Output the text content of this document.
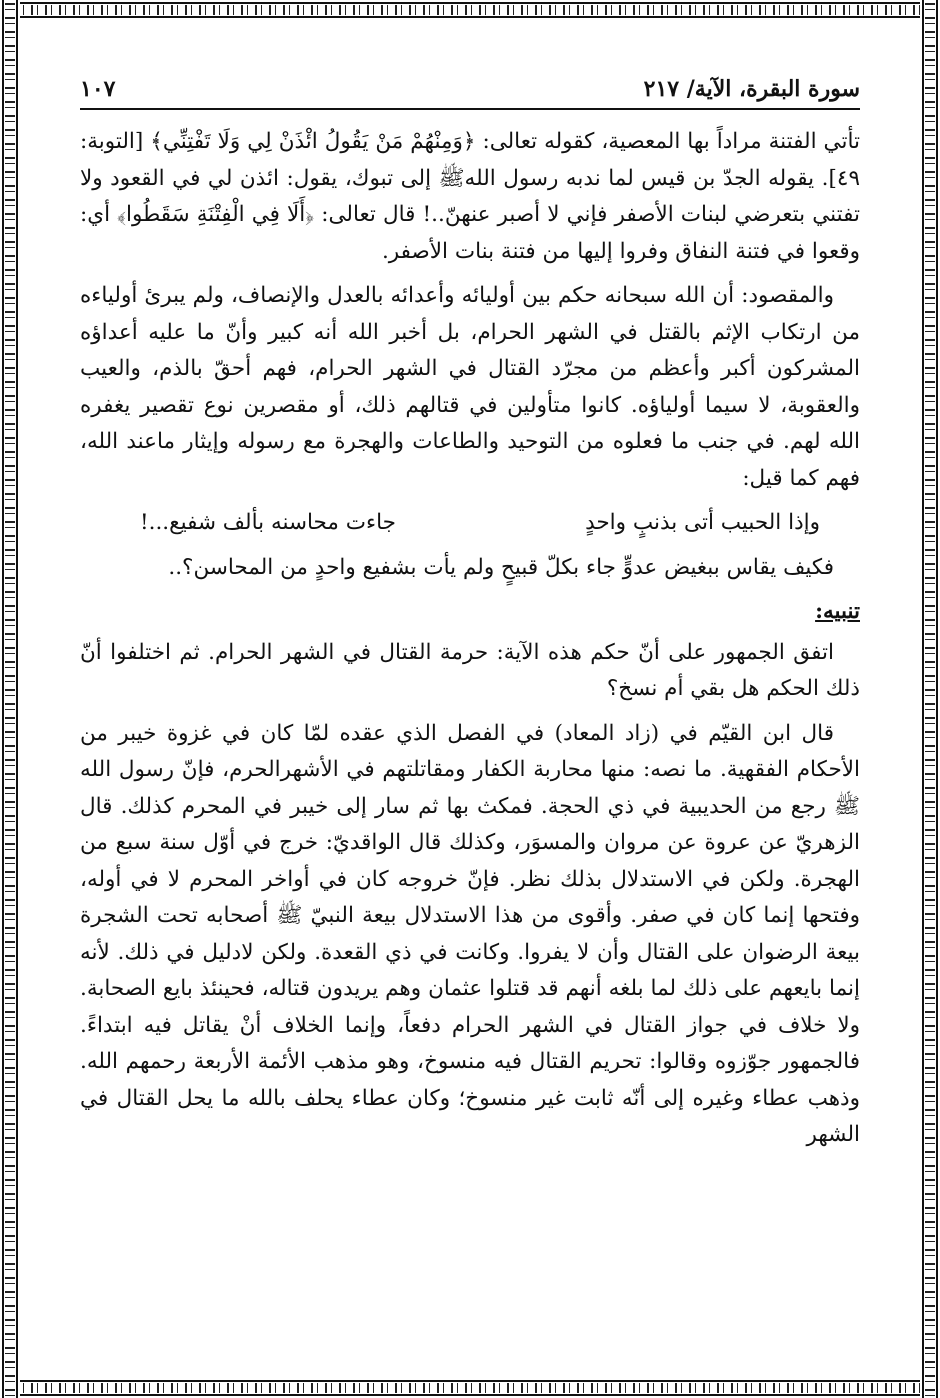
سورة البقرة، الآية/ ٢١٧
١٠٧

تأتي الفتنة مراداً بها المعصية، كقوله تعالى: ﴿وَمِنْهُمْ مَنْ يَقُولُ ائْذَنْ لِي وَلَا تَفْتِنِّي﴾ [التوبة: ٤٩]. يقوله الجدّ بن قيس لما ندبه رسول اللهﷺ إلى تبوك، يقول: ائذن لي في القعود ولا تفتني بتعرضي لبنات الأصفر فإني لا أصبر عنهنّ..! قال تعالى: ﴿أَلَا فِي الْفِتْنَةِ سَقَطُوا﴾ أي: وقعوا في فتنة النفاق وفروا إليها من فتنة بنات الأصفر.

والمقصود: أن الله سبحانه حكم بين أوليائه وأعدائه بالعدل والإنصاف، ولم يبرئ أولياءه من ارتكاب الإثم بالقتل في الشهر الحرام، بل أخبر الله أنه كبير وأنّ ما عليه أعداؤه المشركون أكبر وأعظم من مجرّد القتال في الشهر الحرام، فهم أحقّ بالذم، والعيب والعقوبة، لا سيما أولياؤه. كانوا متأولين في قتالهم ذلك، أو مقصرين نوع تقصير يغفره الله لهم. في جنب ما فعلوه من التوحيد والطاعات والهجرة مع رسوله وإيثار ماعند الله، فهم كما قيل:

وإذا الحبيب أتى بذنبٍ واحدٍ
جاءت محاسنه بألف شفيع...!

فكيف يقاس ببغيض عدوٍّ جاء بكلّ قبيحٍ ولم يأت بشفيع واحدٍ من المحاسن؟..

تنبيه:

اتفق الجمهور على أنّ حكم هذه الآية: حرمة القتال في الشهر الحرام. ثم اختلفوا أنّ ذلك الحكم هل بقي أم نسخ؟

قال ابن القيّم في (زاد المعاد) في الفصل الذي عقده لمّا كان في غزوة خيبر من الأحكام الفقهية. ما نصه: منها محاربة الكفار ومقاتلتهم في الأشهرالحرم، فإنّ رسول الله ﷺ رجع من الحديبية في ذي الحجة. فمكث بها ثم سار إلى خيبر في المحرم كذلك. قال الزهريّ عن عروة عن مروان والمسوَر، وكذلك قال الواقديّ: خرج في أوّل سنة سبع من الهجرة. ولكن في الاستدلال بذلك نظر. فإنّ خروجه كان في أواخر المحرم لا في أوله، وفتحها إنما كان في صفر. وأقوى من هذا الاستدلال بيعة النبيّ ﷺ أصحابه تحت الشجرة بيعة الرضوان على القتال وأن لا يفروا. وكانت في ذي القعدة. ولكن لادليل في ذلك. لأنه إنما بايعهم على ذلك لما بلغه أنهم قد قتلوا عثمان وهم يريدون قتاله، فحينئذ بايع الصحابة. ولا خلاف في جواز القتال في الشهر الحرام دفعاً، وإنما الخلاف أنْ يقاتل فيه ابتداءً. فالجمهور جوّزوه وقالوا: تحريم القتال فيه منسوخ، وهو مذهب الأئمة الأربعة رحمهم الله. وذهب عطاء وغيره إلى أنّه ثابت غير منسوخ؛ وكان عطاء يحلف بالله ما يحل القتال في الشهر
